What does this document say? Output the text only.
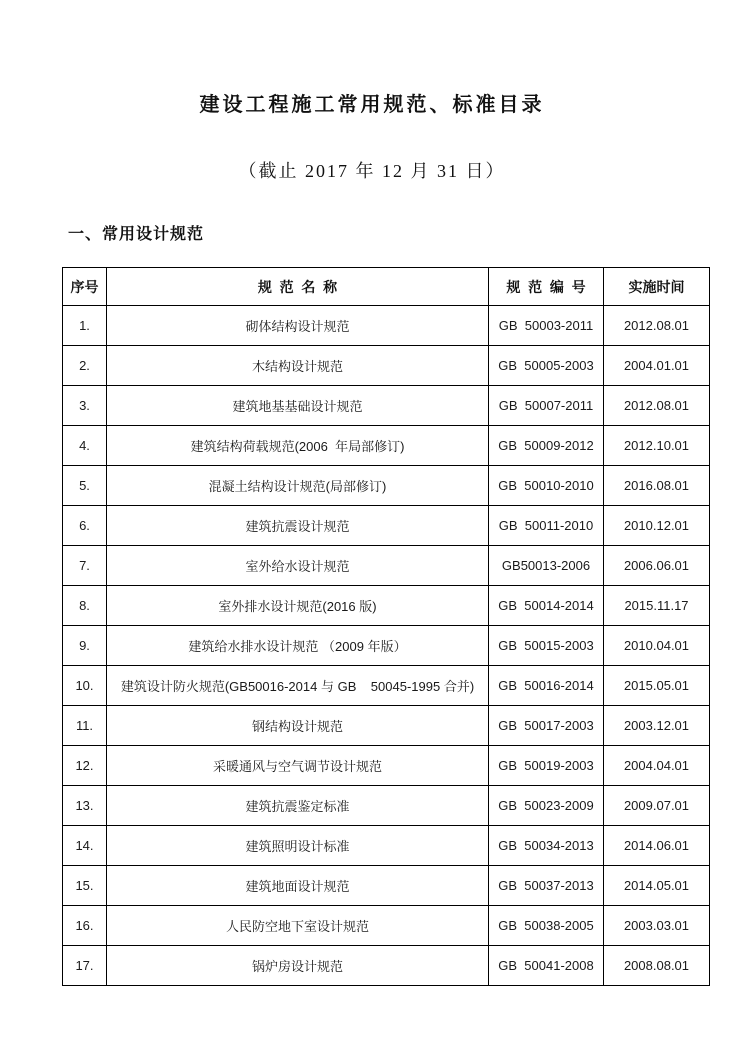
建设工程施工常用规范、标准目录
（截止 2017 年 12 月 31 日）
一、常用设计规范
序号	规  范  名  称	规  范  编  号	实施时间
1.	砌体结构设计规范	GB  50003-2011	2012.08.01
2.	木结构设计规范	GB  50005-2003	2004.01.01
3.	建筑地基基础设计规范	GB  50007-2011	2012.08.01
4.	建筑结构荷载规范(2006  年局部修订)	GB  50009-2012	2012.10.01
5.	混凝土结构设计规范(局部修订)	GB  50010-2010	2016.08.01
6.	建筑抗震设计规范	GB  50011-2010	2010.12.01
7.	室外给水设计规范	GB50013-2006	2006.06.01
8.	室外排水设计规范(2016 版)	GB  50014-2014	2015.11.17
9.	建筑给水排水设计规范 （2009 年版）	GB  50015-2003	2010.04.01
10.	建筑设计防火规范(GB50016-2014 与 GB    50045-1995 合并)	GB  50016-2014	2015.05.01
11.	钢结构设计规范	GB  50017-2003	2003.12.01
12.	采暖通风与空气调节设计规范	GB  50019-2003	2004.04.01
13.	建筑抗震鉴定标准	GB  50023-2009	2009.07.01
14.	建筑照明设计标准	GB  50034-2013	2014.06.01
15.	建筑地面设计规范	GB  50037-2013	2014.05.01
16.	人民防空地下室设计规范	GB  50038-2005	2003.03.01
17.	锅炉房设计规范	GB  50041-2008	2008.08.01
